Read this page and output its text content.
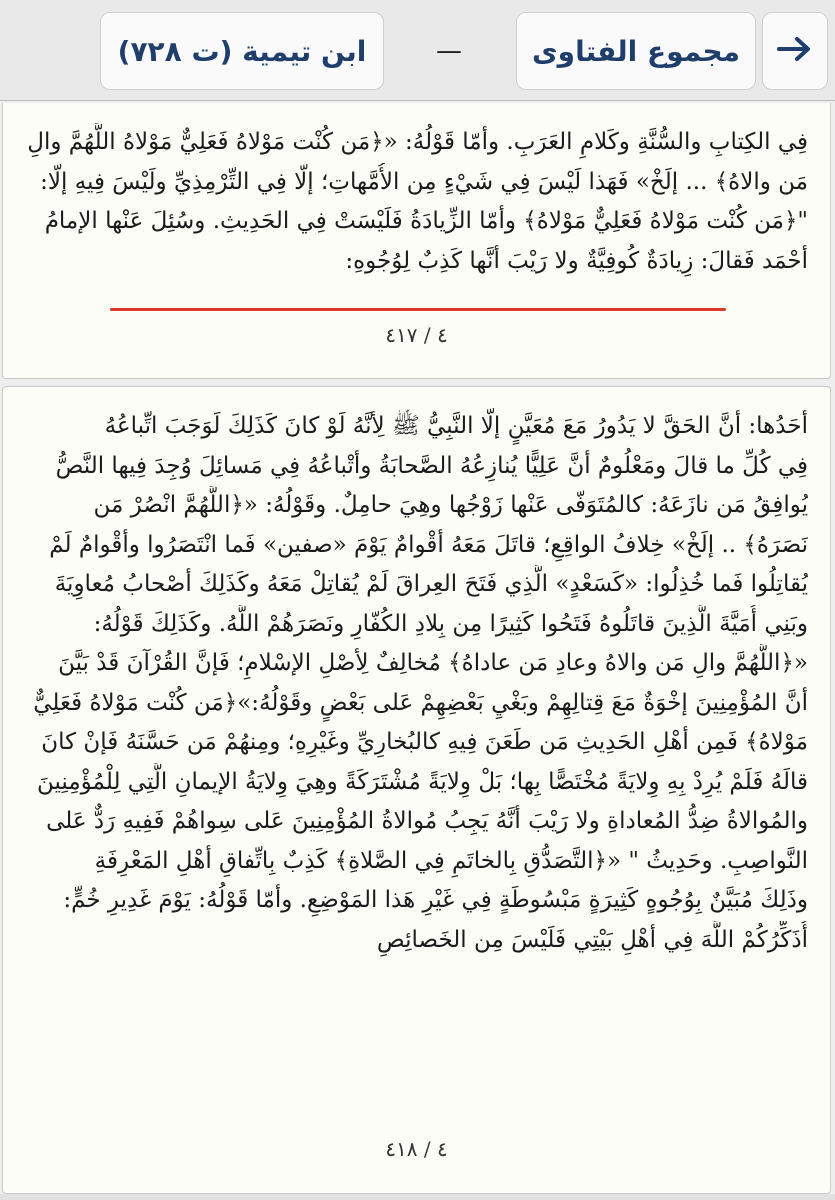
مجموع الفتاوى
—
ابن تيمية (ت ٧٢٨)
فِي الكِتابِ والسُّنَّةِ وكَلامِ العَرَبِ. وأمّا قَوْلُهُ: «﴿مَن كُنْت مَوْلاهُ فَعَلِيٌّ مَوْلاهُ اللَّهُمَّ والِ
مَن والاهُ﴾ ... إلَخْ» فَهَذا لَيْسَ فِي شَيْءٍ مِن الأُمَّهاتِ؛ إلّا فِي التِّرْمِذِيِّ ولَيْسَ فِيهِ إلّا:
"﴿مَن كُنْت مَوْلاهُ فَعَلِيٌّ مَوْلاهُ﴾ وأمّا الزِّيادَةُ فَلَيْسَتْ فِي الحَدِيثِ. وسُئِلَ عَنْها الإمامُ
أحْمَد فَقالَ: زِيادَةٌ كُوفِيَّةٌ ولا رَيْبَ أنَّها كَذِبٌ لِوُجُوهِ:
٤ / ٤١٧
أحَدُها: أنَّ الحَقَّ لا يَدُورُ مَعَ مُعَيَّنٍ إلّا النَّبِيُّ ﷺ لِأنَّهُ لَوْ كانَ كَذَلِكَ لَوَجَبَ اتِّباعُهُ
فِي كُلِّ ما قالَ ومَعْلُومٌ أنَّ عَلِيًّا يُنازِعُهُ الصَّحابَةُ وأتْباعُهُ فِي مَسائِلَ وُجِدَ فِيها النَّصُّ
يُوافِقُ مَن نازَعَهُ: كالمُتَوَفّى عَنْها زَوْجُها وهِيَ حامِلٌ. وقَوْلُهُ: «﴿اللَّهُمَّ انْصُرْ مَن
نَصَرَهُ﴾ .. إلَخْ» خِلافُ الواقِعِ؛ قاتَلَ مَعَهُ أقْوامٌ يَوْمَ «صفين» فَما انْتَصَرُوا وأقْوامٌ لَمْ
يُقاتِلُوا فَما خُذِلُوا: «كَسَعْدٍ» الَّذِي فَتَحَ العِراقَ لَمْ يُقاتِلْ مَعَهُ وكَذَلِكَ أصْحابُ مُعاوِيَةَ
وبَنِي أُمَيَّةَ الَّذِينَ قاتَلُوهُ فَتَحُوا كَثِيرًا مِن بِلادِ الكُفّارِ ونَصَرَهُمْ اللَّهُ. وكَذَلِكَ قَوْلُهُ:
«﴿اللَّهُمَّ والِ مَن والاهُ وعادِ مَن عاداهُ﴾ مُخالِفٌ لِأصْلِ الإسْلامِ؛ فَإنَّ القُرْآنَ قَدْ بَيَّنَ
أنَّ المُؤْمِنِينَ إخْوَةٌ مَعَ قِتالِهِمْ وبَغْيِ بَعْضِهِمْ عَلى بَعْضٍ وقَوْلُهُ:»﴿مَن كُنْت مَوْلاهُ فَعَلِيٌّ
مَوْلاهُ﴾ فَمِن أهْلِ الحَدِيثِ مَن طَعَنَ فِيهِ كالبُخارِيِّ وغَيْرِهِ؛ ومِنهُمْ مَن حَسَّنَهُ فَإنْ كانَ
قالَهُ فَلَمْ يُرِدْ بِهِ وِلايَةً مُخْتَصًّا بِها؛ بَلْ وِلايَةً مُشْتَرَكَةً وهِيَ وِلايَةُ الإيمانِ الَّتِي لِلْمُؤْمِنِينَ
والمُوالاةُ ضِدُّ المُعاداةِ ولا رَيْبَ أنَّهُ يَجِبُ مُوالاةُ المُؤْمِنِينَ عَلى سِواهُمْ فَفِيهِ رَدٌّ عَلى
النَّواصِبِ. وحَدِيثُ " «﴿التَّصَدُّقِ بِالخاتَمِ فِي الصَّلاةِ﴾ كَذِبٌ بِاتِّفاقِ أهْلِ المَعْرِفَةِ
وذَلِكَ مُبَيَّنٌ بِوُجُوهٍ كَثِيرَةٍ مَبْسُوطَةٍ فِي غَيْرِ هَذا المَوْضِعِ. وأمّا قَوْلُهُ: يَوْمَ غَدِيرِ خُمٍّ:
أُذَكِّرُكُمْ اللَّهَ فِي أهْلِ بَيْتِي فَلَيْسَ مِن الخَصائِصِ
٤ / ٤١٨
